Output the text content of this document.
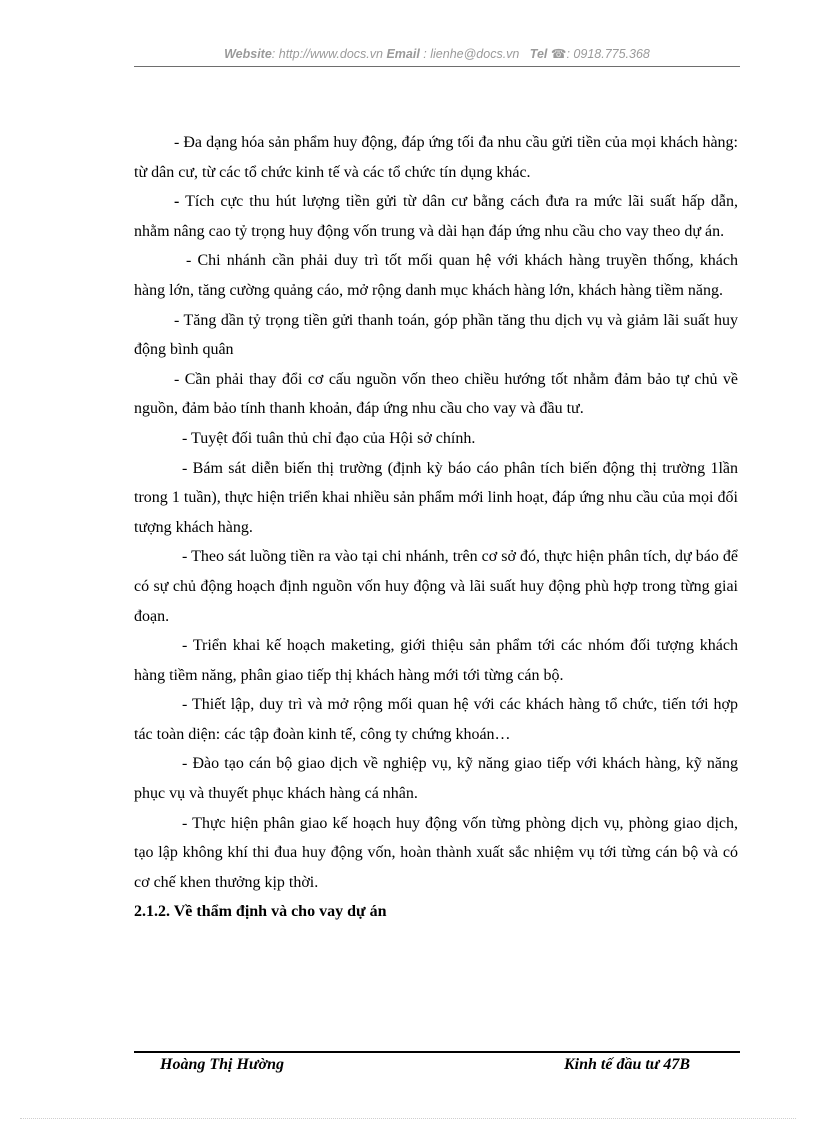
Website: http://www.docs.vn Email : lienhe@docs.vn Tel ☎: 0918.775.368

- Đa dạng hóa sản phẩm huy động, đáp ứng tối đa nhu cầu gửi tiền của mọi khách hàng: từ dân cư, từ các tổ chức kinh tế và các tổ chức tín dụng khác.

- Tích cực thu hút lượng tiền gửi từ dân cư bằng cách đưa ra mức lãi suất hấp dẫn, nhằm nâng cao tỷ trọng huy động vốn trung và dài hạn đáp ứng nhu cầu cho vay theo dự án.

- Chi nhánh cần phải duy trì tốt mối quan hệ với khách hàng truyền thống, khách hàng lớn, tăng cường quảng cáo, mở rộng danh mục khách hàng lớn, khách hàng tiềm năng.

- Tăng dần tỷ trọng tiền gửi thanh toán, góp phần tăng thu dịch vụ và giảm lãi suất huy động bình quân

- Cần phải thay đổi cơ cấu nguồn vốn theo chiều hướng tốt nhằm đảm bảo tự chủ về nguồn, đảm bảo tính thanh khoản, đáp ứng nhu cầu cho vay và đầu tư.

- Tuyệt đối tuân thủ chỉ đạo của Hội sở chính.

- Bám sát diễn biến thị trường (định kỳ báo cáo phân tích biến động thị trường 1lần trong 1 tuần), thực hiện triển khai nhiều sản phẩm mới linh hoạt, đáp ứng nhu cầu của mọi đối tượng khách hàng.

- Theo sát luồng tiền ra vào tại chi nhánh, trên cơ sở đó, thực hiện phân tích, dự báo để có sự chủ động hoạch định nguồn vốn huy động và lãi suất huy động phù hợp trong từng giai đoạn.

- Triển khai kế hoạch maketing, giới thiệu sản phẩm tới các nhóm đối tượng khách hàng tiềm năng, phân giao tiếp thị khách hàng mới tới từng cán bộ.

- Thiết lập, duy trì và mở rộng mối quan hệ với các khách hàng tổ chức, tiến tới hợp tác toàn diện: các tập đoàn kinh tế, công ty chứng khoán…

- Đào tạo cán bộ giao dịch về nghiệp vụ, kỹ năng giao tiếp với khách hàng, kỹ năng phục vụ và thuyết phục khách hàng cá nhân.

- Thực hiện phân giao kế hoạch huy động vốn từng phòng dịch vụ, phòng giao dịch, tạo lập không khí thi đua huy động vốn, hoàn thành xuất sắc nhiệm vụ tới từng cán bộ và có cơ chế khen thưởng kịp thời.

2.1.2. Về thẩm định và cho vay dự án

Hoàng Thị Hường	Kinh tế đầu tư 47B
